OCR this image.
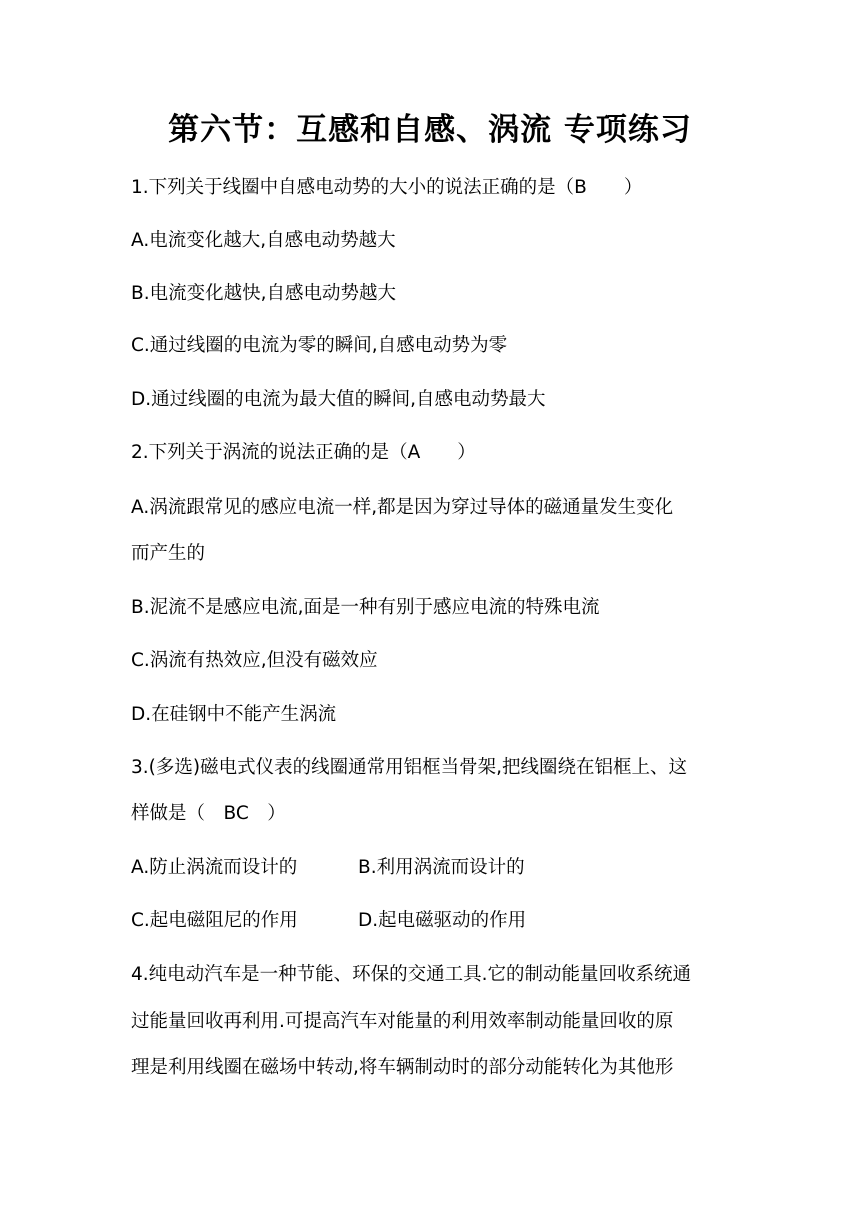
第六节：互感和自感、涡流 专项练习
1.下列关于线圈中自感电动势的大小的说法正确的是（B　　）
A.电流变化越大,自感电动势越大
B.电流变化越快,自感电动势越大
C.通过线圈的电流为零的瞬间,自感电动势为零
D.通过线圈的电流为最大值的瞬间,自感电动势最大
2.下列关于涡流的说法正确的是（A　　）
A.涡流跟常见的感应电流一样,都是因为穿过导体的磁通量发生变化
而产生的
B.泥流不是感应电流,面是一种有别于感应电流的特殊电流
C.涡流有热效应,但没有磁效应
D.在硅钢中不能产生涡流
3.(多选)磁电式仪表的线圈通常用铝框当骨架,把线圈绕在铝框上、这
样做是（　BC　）
A.防止涡流而设计的	B.利用涡流而设计的
C.起电磁阻尼的作用	D.起电磁驱动的作用
4.纯电动汽车是一种节能、环保的交通工具.它的制动能量回收系统通
过能量回收再利用.可提高汽车对能量的利用效率制动能量回收的原
理是利用线圈在磁场中转动,将车辆制动时的部分动能转化为其他形
